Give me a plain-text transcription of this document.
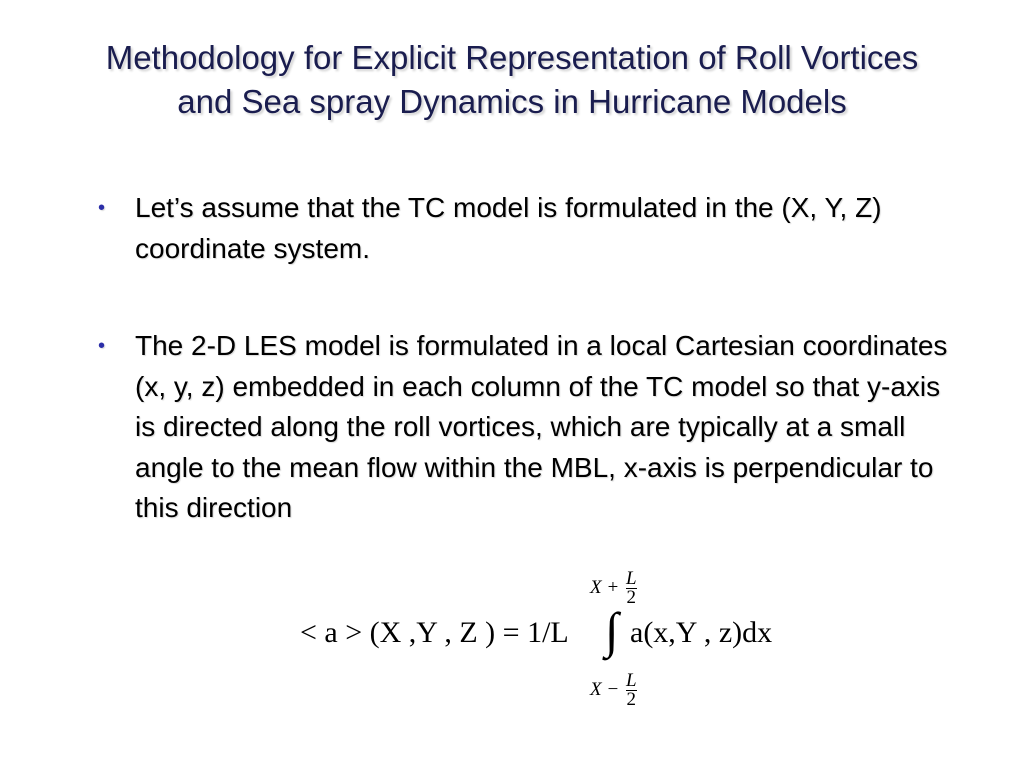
Methodology for Explicit Representation of Roll Vortices
and Sea spray Dynamics in Hurricane Models
• Let’s assume that the TC model is formulated in the (X, Y, Z) coordinate system.
• The 2-D LES model is formulated in a local Cartesian coordinates (x, y, z) embedded in each column of the TC model so that y-axis is directed along the roll vortices, which are typically at a small angle to the mean flow within the MBL, x-axis is perpendicular to this direction
$X + \frac{L}{2}$
< a > (X ,Y , Z ) = 1/L ∫ a(x,Y , z)dx
$X - \frac{L}{2}$
